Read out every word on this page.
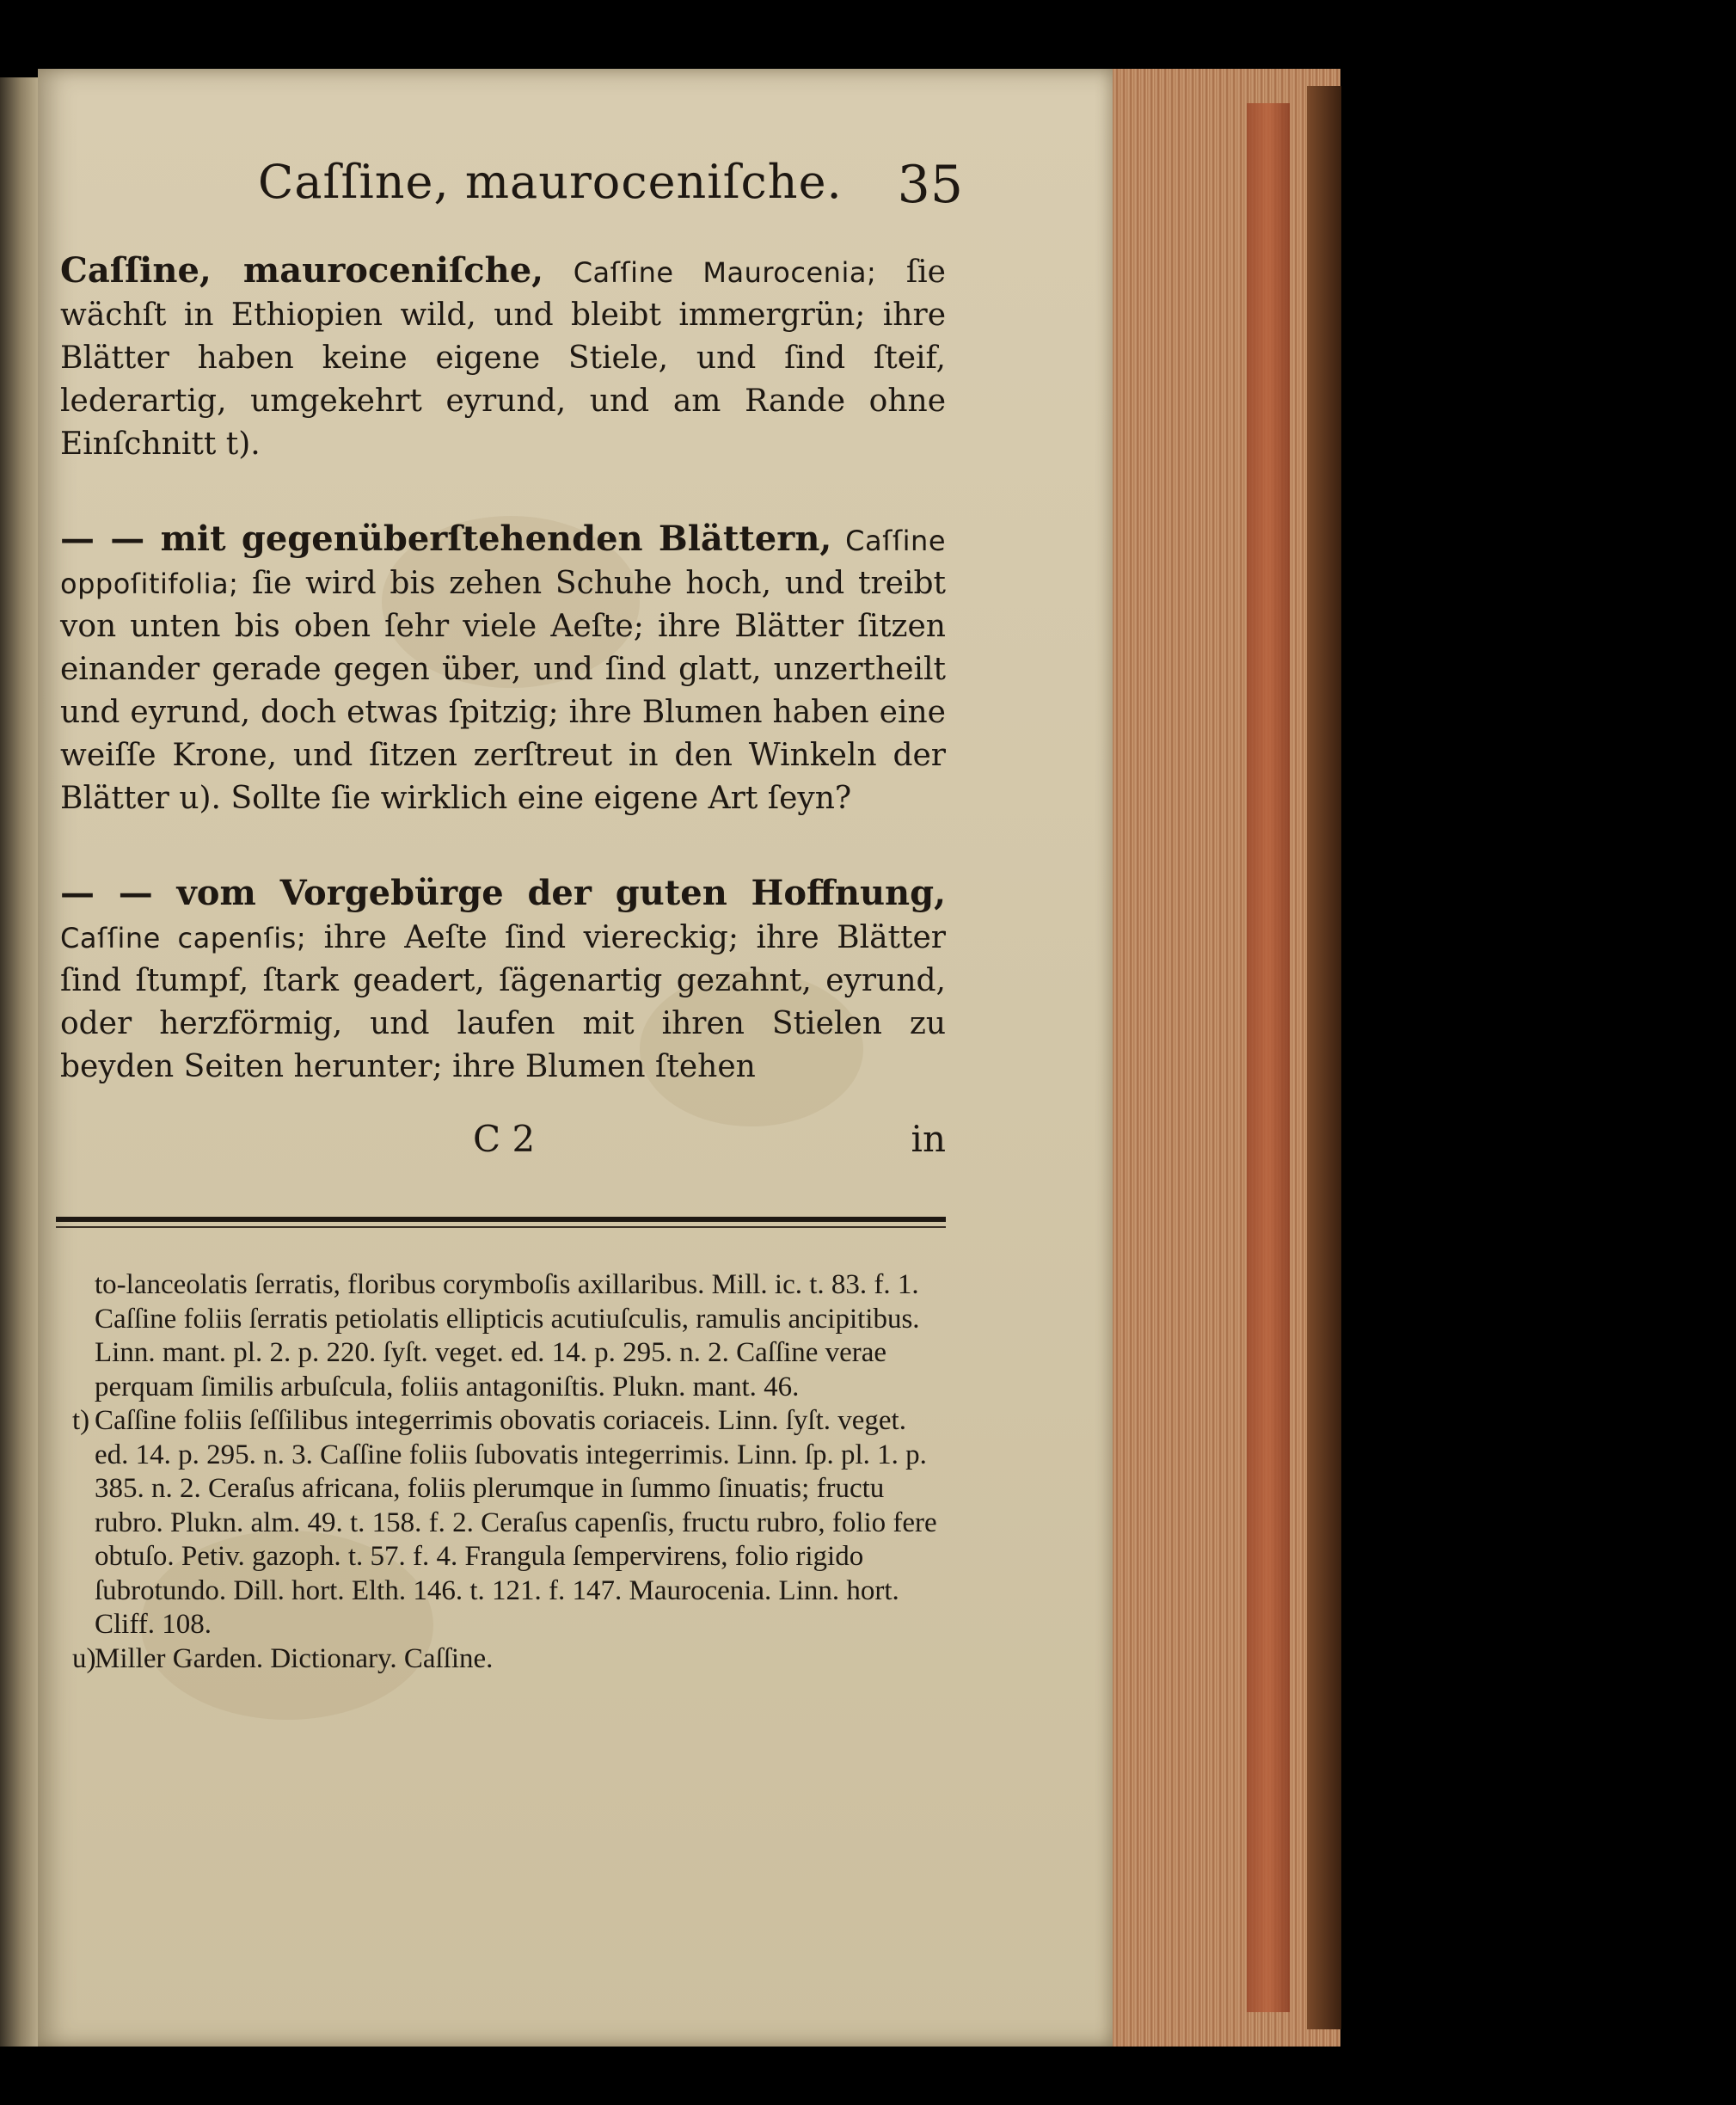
Caſſine, mauroceniſche. 35

Caſſine, mauroceniſche, Caſſine Maurocenia; ſie wächſt in Ethiopien wild, und bleibt immergrün; ihre Blätter haben keine eigene Stiele, und ſind ſteif, lederartig, umgekehrt eyrund, und am Rande ohne Einſchnitt t).

— — mit gegenüberſtehenden Blättern, Caſſine oppoſitifolia; ſie wird bis zehen Schuhe hoch, und treibt von unten bis oben ſehr viele Aeſte; ihre Blätter ſitzen einander gerade gegen über, und ſind glatt, unzertheilt und eyrund, doch etwas ſpitzig; ihre Blumen haben eine weiſſe Krone, und ſitzen zerſtreut in den Winkeln der Blätter u). Sollte ſie wirklich eine eigene Art ſeyn?

— — vom Vorgebürge der guten Hoffnung, Caſſine capenſis; ihre Aeſte ſind viereckig; ihre Blätter ſind ſtumpf, ſtark geadert, ſägenartig gezahnt, eyrund, oder herzförmig, und laufen mit ihren Stielen zu beyden Seiten herunter; ihre Blumen ſtehen

C 2	in

to-lanceolatis ſerratis, floribus corymboſis axillaribus. Mill. ic. t. 83. f. 1. Caſſine foliis ſerratis petiolatis ellipticis acutiuſculis, ramulis ancipitibus. Linn. mant. pl. 2. p. 220. ſyſt. veget. ed. 14. p. 295. n. 2. Caſſine verae perquam ſimilis arbuſcula, foliis antagoniſtis. Plukn. mant. 46.

t) Caſſine foliis ſeſſilibus integerrimis obovatis coriaceis. Linn. ſyſt. veget. ed. 14. p. 295. n. 3. Caſſine foliis ſubovatis integerrimis. Linn. ſp. pl. 1. p. 385. n. 2. Ceraſus africana, foliis plerumque in ſummo ſinuatis; fructu rubro. Plukn. alm. 49. t. 158. f. 2. Ceraſus capenſis, fructu rubro, folio fere obtuſo. Petiv. gazoph. t. 57. f. 4. Frangula ſempervirens, folio rigido ſubrotundo. Dill. hort. Elth. 146. t. 121. f. 147. Maurocenia. Linn. hort. Cliff. 108.

u)Miller Garden. Dictionary. Caſſine.
